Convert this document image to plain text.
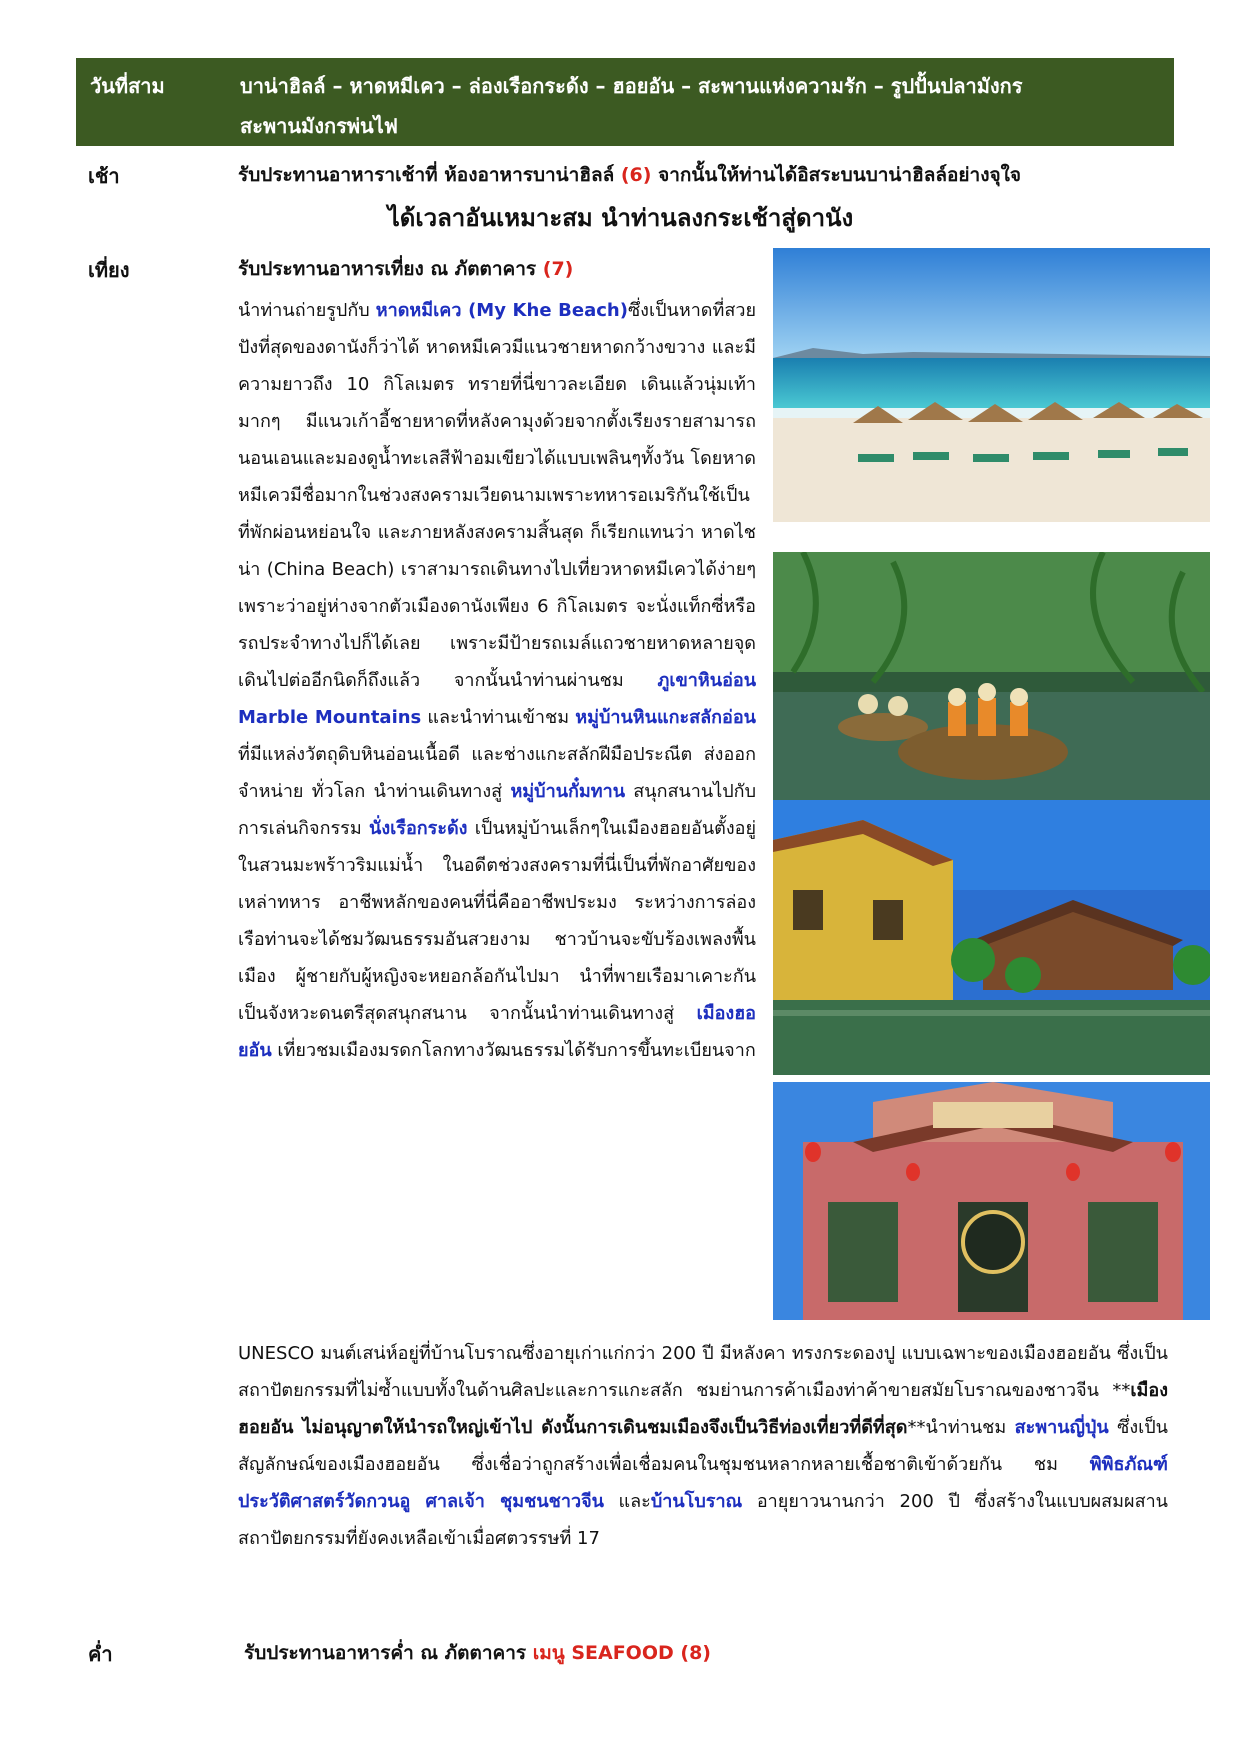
วันที่สาม	บาน่าฮิลล์ – หาดหมีเคว – ล่องเรือกระด้ง – ฮอยอัน – สะพานแห่งความรัก – รูปปั้นปลามังกร
สะพานมังกรพ่นไฟ
เช้า	รับประทานอาหาราเช้าที่ ห้องอาหารบาน่าฮิลล์ (6) จากนั้นให้ท่านได้อิสระบนบาน่าฮิลล์อย่างจุใจ
ได้เวลาอันเหมาะสม นำท่านลงกระเช้าสู่ดานัง
เที่ยง	รับประทานอาหารเที่ยง ณ ภัตตาคาร (7)
นำท่านถ่ายรูปกับ หาดหมีเคว (My Khe Beach)ซึ่งเป็นหาดที่สวยปังที่สุดของดานังก็ว่าได้ หาดหมีเควมีแนวชายหาดกว้างขวาง และมีความยาวถึง 10 กิโลเมตร ทรายที่นี่ขาวละเอียด เดินแล้วนุ่มเท้ามากๆ มีแนวเก้าอี้ชายหาดที่หลังคามุงด้วยจากตั้งเรียงรายสามารถนอนเอนและมองดูน้ำทะเลสีฟ้าอมเขียวได้แบบเพลินๆทั้งวัน โดยหาดหมีเควมีชื่อมากในช่วงสงครามเวียดนามเพราะทหารอเมริกันใช้เป็นที่พักผ่อนหย่อนใจ และภายหลังสงครามสิ้นสุด ก็เรียกแทนว่า หาดไชน่า (China Beach) เราสามารถเดินทางไปเที่ยวหาดหมีเควได้ง่ายๆเพราะว่าอยู่ห่างจากตัวเมืองดานังเพียง 6 กิโลเมตร จะนั่งแท็กซี่หรือรถประจำทางไปก็ได้เลย เพราะมีป้ายรถเมล์แถวชายหาดหลายจุด เดินไปต่ออีกนิดก็ถึงแล้ว จากนั้นนำท่านผ่านชม ภูเขาหินอ่อน Marble Mountains และนำท่านเข้าชม หมู่บ้านหินแกะสลักอ่อน ที่มีแหล่งวัตถุดิบหินอ่อนเนื้อดี และช่างแกะสลักฝีมือประณีต ส่งออกจำหน่าย ทั่วโลก นำท่านเดินทางสู่ หมู่บ้านกั๋มทาน สนุกสนานไปกับการเล่นกิจกรรม นั่งเรือกระด้ง เป็นหมู่บ้านเล็กๆในเมืองฮอยอันตั้งอยู่ในสวนมะพร้าวริมแม่น้ำ ในอดีตช่วงสงครามที่นี่เป็นที่พักอาศัยของเหล่าทหาร อาชีพหลักของคนที่นี่คืออาชีพประมง ระหว่างการล่องเรือท่านจะได้ชมวัฒนธรรมอันสวยงาม ชาวบ้านจะขับร้องเพลงพื้นเมือง ผู้ชายกับผู้หญิงจะหยอกล้อกันไปมา นำที่พายเรือมาเคาะกันเป็นจังหวะดนตรีสุดสนุกสนาน จากนั้นนำท่านเดินทางสู่ เมืองฮอยอัน เที่ยวชมเมืองมรดกโลกทางวัฒนธรรมได้รับการขึ้นทะเบียนจาก
UNESCO มนต์เสน่ห์อยู่ที่บ้านโบราณซึ่งอายุเก่าแก่กว่า 200 ปี มีหลังคา ทรงกระดองปู แบบเฉพาะของเมืองฮอยอัน ซึ่งเป็น สถาปัตยกรรมที่ไม่ซ้ำแบบทั้งในด้านศิลปะและการแกะสลัก ชมย่านการค้าเมืองท่าค้าขายสมัยโบราณของชาวจีน **เมืองฮอยอัน ไม่อนุญาตให้นำรถใหญ่เข้าไป ดังนั้นการเดินชมเมืองจึงเป็นวิธีท่องเที่ยวที่ดีที่สุด**นำท่านชม สะพานญี่ปุ่น ซึ่งเป็นสัญลักษณ์ของเมืองฮอยอัน ซึ่งเชื่อว่าถูกสร้างเพื่อเชื่อมคนในชุมชนหลากหลายเชื้อชาติเข้าด้วยกัน ชม พิพิธภัณฑ์ประวัติศาสตร์วัดกวนอู ศาลเจ้า ชุมชนชาวจีน และบ้านโบราณ อายุยาวนานกว่า 200 ปี ซึ่งสร้างในแบบผสมผสานสถาปัตยกรรมที่ยังคงเหลือเข้าเมื่อศตวรรษที่ 17
ค่ำ	รับประทานอาหารค่ำ ณ ภัตตาคาร เมนู SEAFOOD (8)
